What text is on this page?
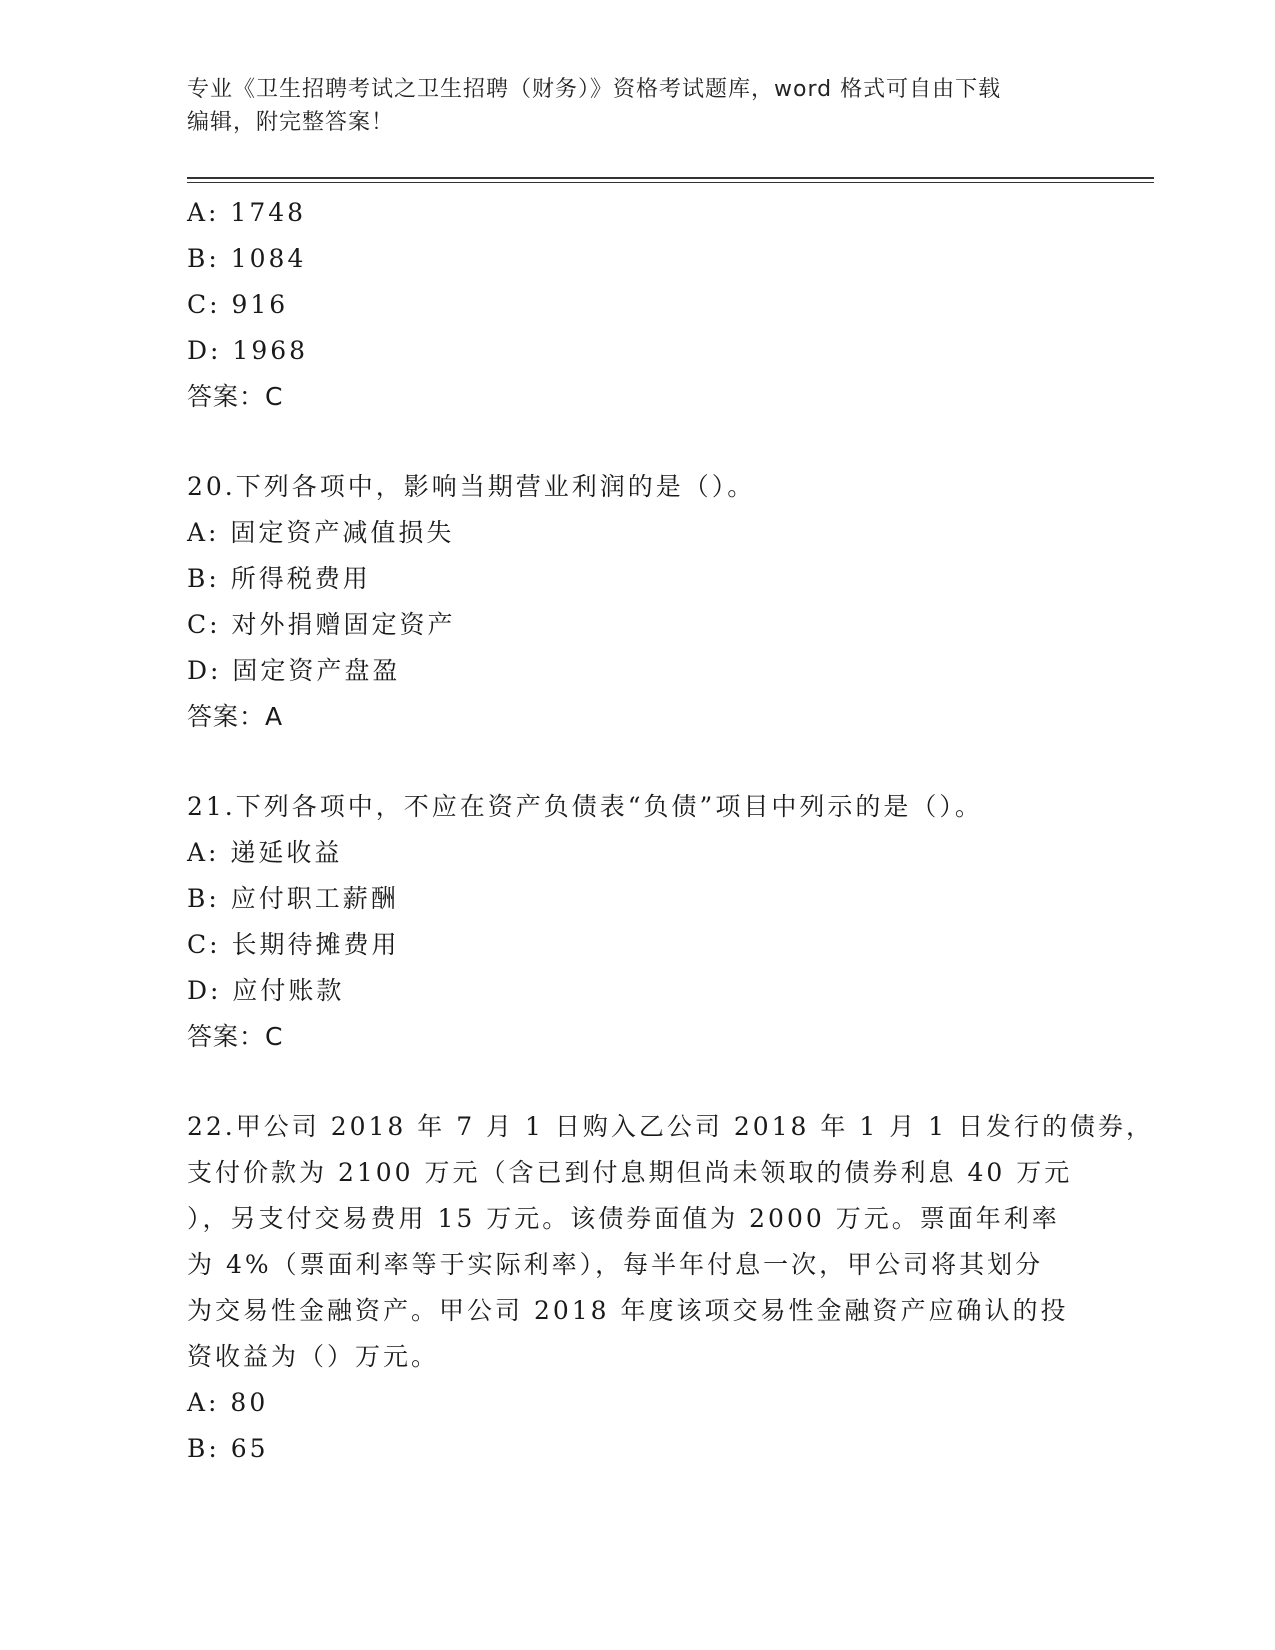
专业《卫生招聘考试之卫生招聘（财务）》资格考试题库，word 格式可自由下载
编辑，附完整答案！
A: 1748
B: 1084
C: 916
D: 1968
答案：C
20.下列各项中，影响当期营业利润的是（）。
A: 固定资产减值损失
B: 所得税费用
C: 对外捐赠固定资产
D: 固定资产盘盈
答案：A
21.下列各项中，不应在资产负债表“负债”项目中列示的是（）。
A: 递延收益
B: 应付职工薪酬
C: 长期待摊费用
D: 应付账款
答案：C
22.甲公司 2018 年 7 月 1 日购入乙公司 2018 年 1 月 1 日发行的债券，
支付价款为 2100 万元（含已到付息期但尚未领取的债券利息 40 万元
），另支付交易费用 15 万元。该债券面值为 2000 万元。票面年利率
为 4%（票面利率等于实际利率），每半年付息一次，甲公司将其划分
为交易性金融资产。甲公司 2018 年度该项交易性金融资产应确认的投
资收益为（）万元。
A: 80
B: 65
